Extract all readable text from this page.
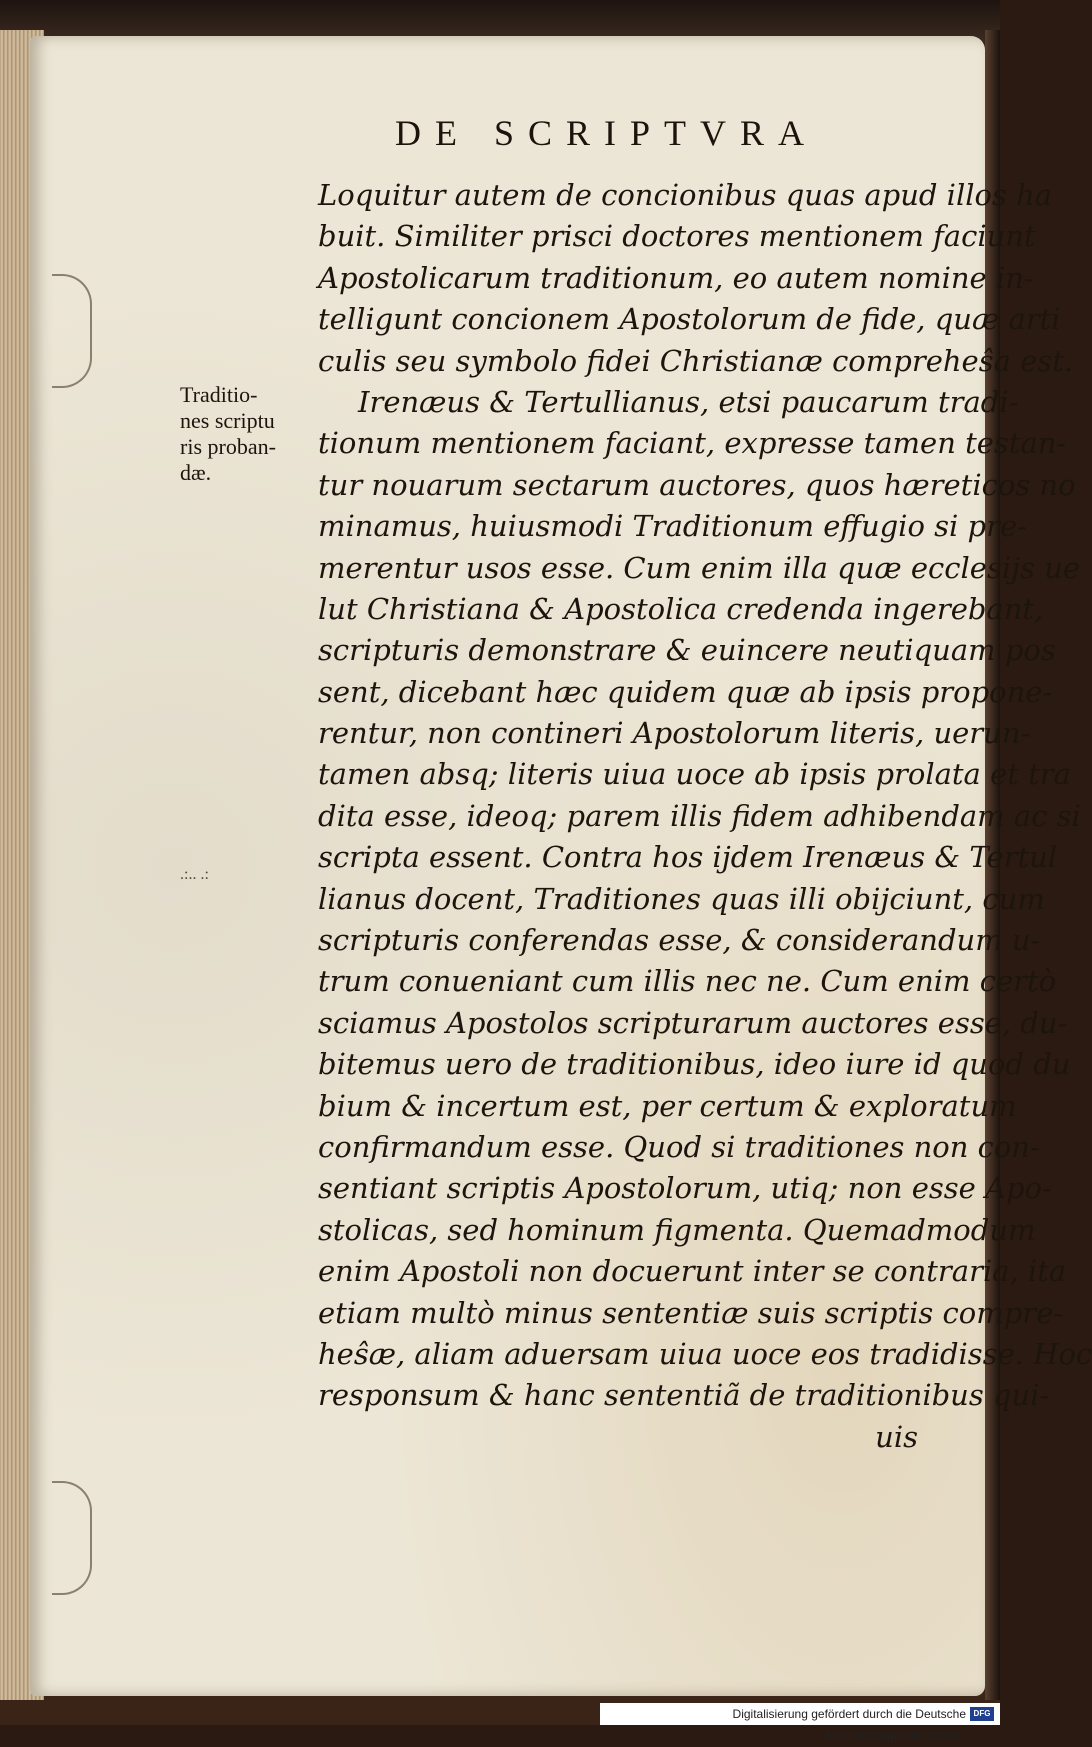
DE SCRIPTVRA
Traditio-
nes scriptu
ris proban-
dæ.
.:.. .:
Loquitur autem de concionibus quas apud illos ha
buit. Similiter prisci doctores mentionem faciunt
Apostolicarum traditionum, eo autem nomine in-
telligunt concionem Apostolorum de fide, quæ arti
culis seu symbolo fidei Christianæ compreheŝa est.
Irenæus & Tertullianus, etsi paucarum tradi-
tionum mentionem faciant, expresse tamen testan-
tur nouarum sectarum auctores, quos hæreticos no
minamus, huiusmodi Traditionum effugio si pre-
merentur usos esse. Cum enim illa quæ ecclesijs ue
lut Christiana & Apostolica credenda ingerebant,
scripturis demonstrare & euincere neutiquam pos
sent, dicebant hæc quidem quæ ab ipsis propone-
rentur, non contineri Apostolorum literis, uerun-
tamen absq; literis uiua uoce ab ipsis prolata et tra
dita esse, ideoq; parem illis fidem adhibendam ac si
scripta essent. Contra hos ijdem Irenæus & Tertul
lianus docent, Traditiones quas illi obijciunt, cum
scripturis conferendas esse, & considerandum u-
trum conueniant cum illis nec ne. Cum enim certò
sciamus Apostolos scripturarum auctores esse, du-
bitemus uero de traditionibus, ideo iure id quod du
bium & incertum est, per certum & exploratum
confirmandum esse. Quod si traditiones non con-
sentiant scriptis Apostolorum, utiq; non esse Apo-
stolicas, sed hominum figmenta. Quemadmodum
enim Apostoli non docuerunt inter se contraria, ita
etiam multò minus sententiæ suis scriptis compre-
heŝæ, aliam aduersam uiua uoce eos tradidisse. Hoc
responsum & hanc sententiã de traditionibus qui-
uis
Digitalisierung gefördert durch die Deutsche Forschungsgemeinschaft -
DFG
